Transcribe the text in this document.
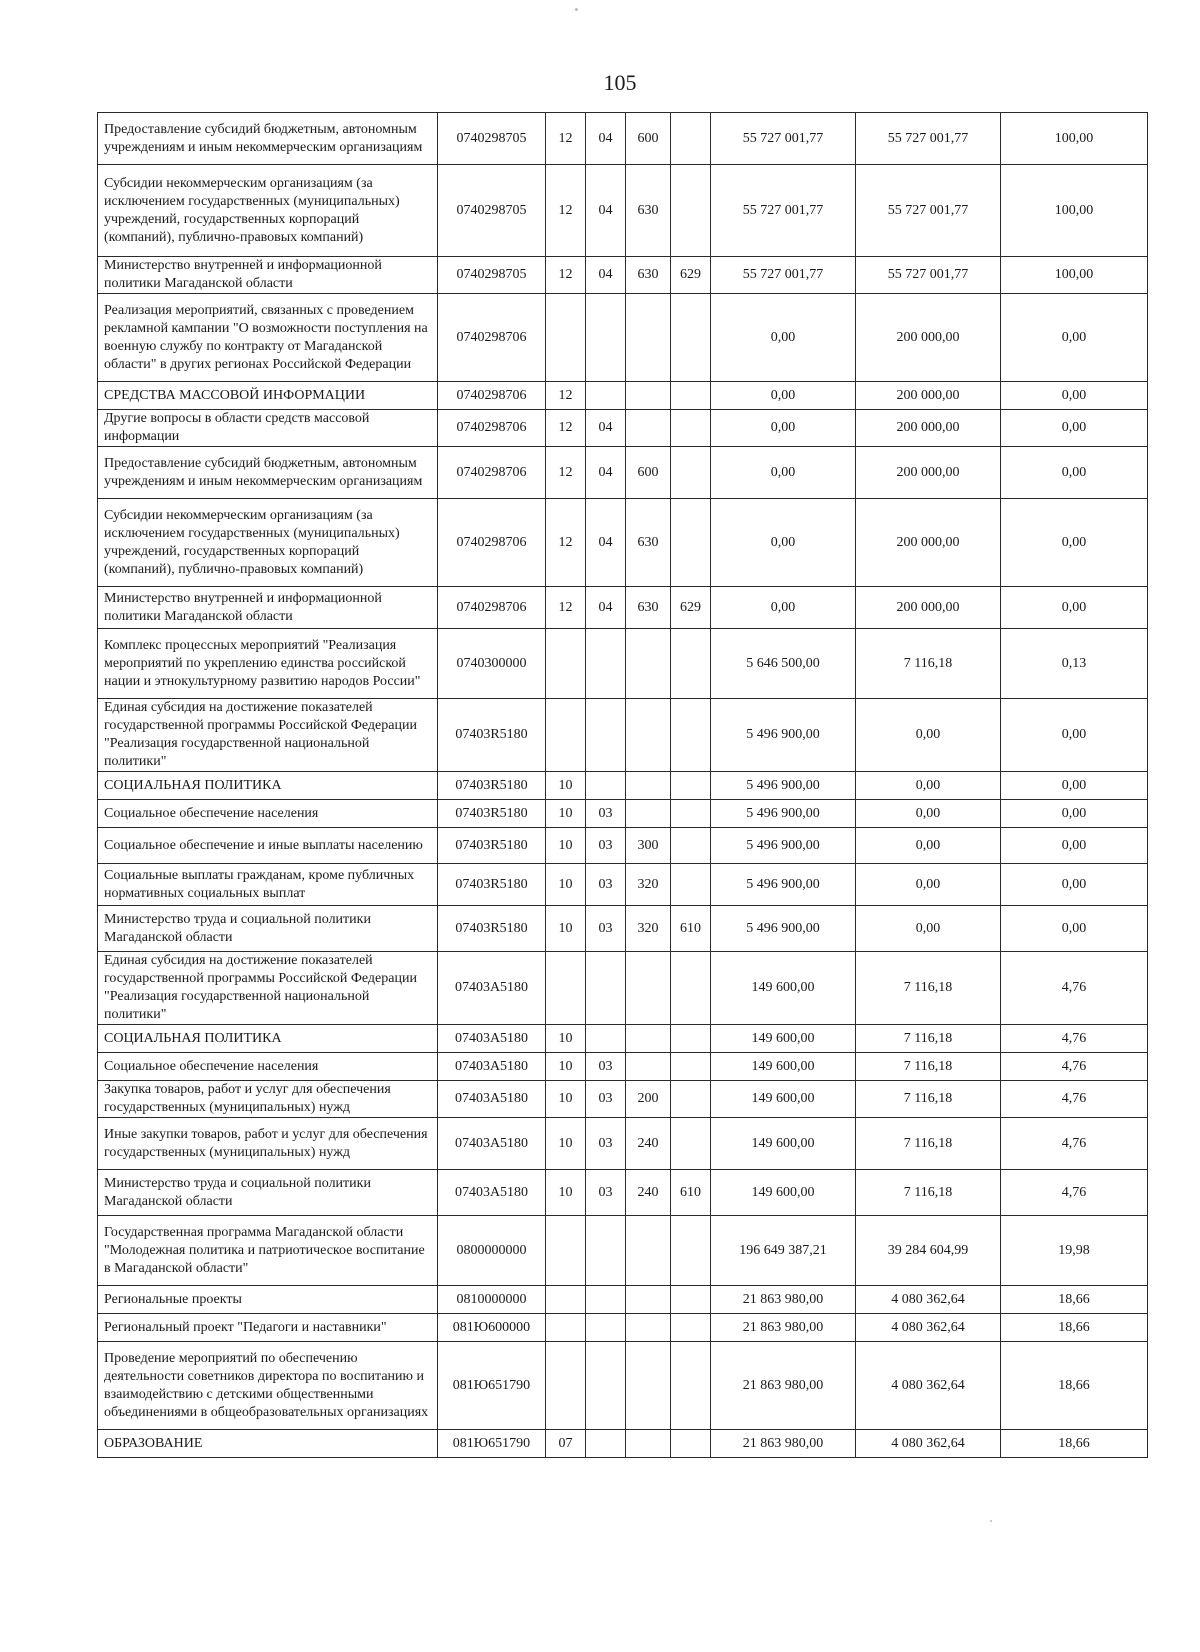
105
Предоставление субсидий бюджетным, автономным учреждениям и иным некоммерческим организациям	0740298705	12	04	600		55 727 001,77	55 727 001,77	100,00
Субсидии некоммерческим организациям (за исключением государственных (муниципальных) учреждений, государственных корпораций (компаний), публично-правовых компаний)	0740298705	12	04	630		55 727 001,77	55 727 001,77	100,00
Министерство внутренней и информационной политики Магаданской области	0740298705	12	04	630	629	55 727 001,77	55 727 001,77	100,00
Реализация мероприятий, связанных с проведением рекламной кампании "О возможности поступления на военную службу по контракту от Магаданской области" в других регионах Российской Федерации	0740298706					0,00	200 000,00	0,00
СРЕДСТВА МАССОВОЙ ИНФОРМАЦИИ	0740298706	12				0,00	200 000,00	0,00
Другие вопросы в области средств массовой информации	0740298706	12	04			0,00	200 000,00	0,00
Предоставление субсидий бюджетным, автономным учреждениям и иным некоммерческим организациям	0740298706	12	04	600		0,00	200 000,00	0,00
Субсидии некоммерческим организациям (за исключением государственных (муниципальных) учреждений, государственных корпораций (компаний), публично-правовых компаний)	0740298706	12	04	630		0,00	200 000,00	0,00
Министерство внутренней и информационной политики Магаданской области	0740298706	12	04	630	629	0,00	200 000,00	0,00
Комплекс процессных мероприятий "Реализация мероприятий по укреплению единства российской нации и этнокультурному развитию народов России"	0740300000					5 646 500,00	7 116,18	0,13
Единая субсидия на достижение показателей государственной программы Российской Федерации "Реализация государственной национальной политики"	07403R5180					5 496 900,00	0,00	0,00
СОЦИАЛЬНАЯ ПОЛИТИКА	07403R5180	10				5 496 900,00	0,00	0,00
Социальное обеспечение населения	07403R5180	10	03			5 496 900,00	0,00	0,00
Социальное обеспечение и иные выплаты населению	07403R5180	10	03	300		5 496 900,00	0,00	0,00
Социальные выплаты гражданам, кроме публичных нормативных социальных выплат	07403R5180	10	03	320		5 496 900,00	0,00	0,00
Министерство труда и социальной политики Магаданской области	07403R5180	10	03	320	610	5 496 900,00	0,00	0,00
Единая субсидия на достижение показателей государственной программы Российской Федерации "Реализация государственной национальной политики"	07403А5180					149 600,00	7 116,18	4,76
СОЦИАЛЬНАЯ ПОЛИТИКА	07403А5180	10				149 600,00	7 116,18	4,76
Социальное обеспечение населения	07403А5180	10	03			149 600,00	7 116,18	4,76
Закупка товаров, работ и услуг для обеспечения государственных (муниципальных) нужд	07403А5180	10	03	200		149 600,00	7 116,18	4,76
Иные закупки товаров, работ и услуг для обеспечения государственных (муниципальных) нужд	07403А5180	10	03	240		149 600,00	7 116,18	4,76
Министерство труда и социальной политики Магаданской области	07403А5180	10	03	240	610	149 600,00	7 116,18	4,76
Государственная программа Магаданской области "Молодежная политика и патриотическое воспитание в Магаданской области"	0800000000					196 649 387,21	39 284 604,99	19,98
Региональные проекты	0810000000					21 863 980,00	4 080 362,64	18,66
Региональный проект "Педагоги и наставники"	081Ю600000					21 863 980,00	4 080 362,64	18,66
Проведение мероприятий по обеспечению деятельности советников директора по воспитанию и взаимодействию с детскими общественными объединениями в общеобразовательных организациях	081Ю651790					21 863 980,00	4 080 362,64	18,66
ОБРАЗОВАНИЕ	081Ю651790	07				21 863 980,00	4 080 362,64	18,66
